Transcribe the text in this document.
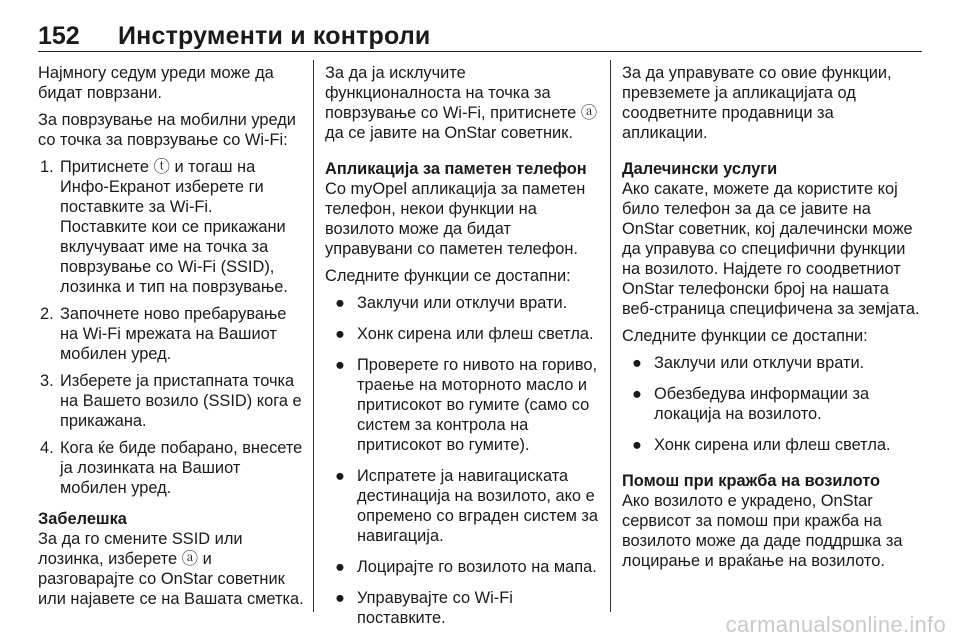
152 Инструменти и контроли

Најмногу седум уреди може да бидат поврзани.

За поврзување на мобилни уреди со точка за поврзување со Wi-Fi:

1. Притиснете ⓣ и тогаш на Инфо-Екранот изберете ги поставките за Wi-Fi. Поставките кои се прикажани вклучуваат име на точка за поврзување со Wi-Fi (SSID), лозинка и тип на поврзување.
2. Започнете ново пребарување на Wi-Fi мрежата на Вашиот мобилен уред.
3. Изберете ја пристапната точка на Вашето возило (SSID) кога е прикажана.
4. Кога ќе биде побарано, внесете ја лозинката на Вашиот мобилен уред.

Забелешка

За да го смените SSID или лозинка, изберете ⓐ и разговарајте со OnStar советник или најавете се на Вашата сметка.

За да ја исклучите функционалноста на точка за поврзување со Wi-Fi, притиснете ⓐ да се јавите на OnStar советник.

Апликација за паметен телефон

Со myOpel апликација за паметен телефон, некои функции на возилото може да бидат управувани со паметен телефон.

Следните функции се достапни:

● Заклучи или отклучи врати.
● Хонк сирена или флеш светла.
● Проверете го нивото на гориво, траење на моторното масло и притисокот во гумите (само со систем за контрола на притисокот во гумите).
● Испратете ја навигациската дестинација на возилото, ако е опремено со вграден систем за навигација.
● Лоцирајте го возилото на мапа.
● Управувајте со Wi-Fi поставките.

За да управувате со овие функции, превземете ја апликацијата од соодветните продавници за апликации.

Далечински услуги

Ако сакате, можете да користите кој било телефон за да се јавите на OnStar советник, кој далечински може да управува со специфични функции на возилото. Најдете го соодветниот OnStar телефонски број на нашата веб-страница специфичена за земјата.

Следните функции се достапни:

● Заклучи или отклучи врати.
● Обезбедува информации за локација на возилото.
● Хонк сирена или флеш светла.

Помош при кражба на возилото

Ако возилото е украдено, OnStar сервисот за помош при кражба на возилото може да даде поддршка за лоцирање и враќање на возилото.

carmanualsonline.info
